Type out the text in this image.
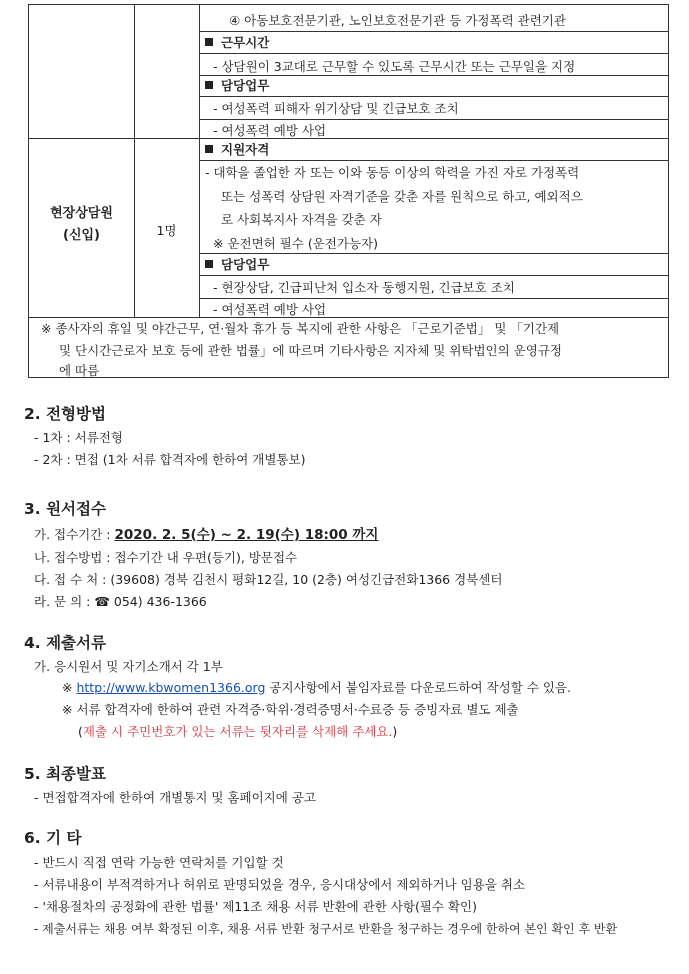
④ 아동보호전문기관, 노인보호전문기관 등 가정폭력 관련기관
근무시간
- 상담원이 3교대로 근무할 수 있도록 근무시간 또는 근무일을 지정
담당업무
- 여성폭력 피해자 위기상담 및 긴급보호 조치
- 여성폭력 예방 사업
현장상담원
(신입)	1명
지원자격
- 대학을 졸업한 자 또는 이와 동등 이상의 학력을 가진 자로 가정폭력
또는 성폭력 상담원 자격기준을 갖춘 자를 원칙으로 하고, 예외적으
로 사회복지사 자격을 갖춘 자
※ 운전면허 필수 (운전가능자)
담당업무
- 현장상담, 긴급피난처 입소자 동행지원, 긴급보호 조치
- 여성폭력 예방 사업
※ 종사자의 휴일 및 야간근무, 연·월차 휴가 등 복지에 관한 사항은 「근로기준법」 및 「기간제
및 단시간근로자 보호 등에 관한 법률」에 따르며 기타사항은 지자체 및 위탁법인의 운영규정
에 따름
2. 전형방법
- 1차 : 서류전형
- 2차 : 면접 (1차 서류 합격자에 한하여 개별통보)
3. 원서접수
가. 접수기간 : 2020. 2. 5(수) ~ 2. 19(수) 18:00 까지
나. 접수방법 : 접수기간 내 우편(등기), 방문접수
다. 접 수 처 : (39608) 경북 김천시 평화12길, 10 (2층) 여성긴급전화1366 경북센터
라. 문 의 : ☎ 054) 436-1366
4. 제출서류
가. 응시원서 및 자기소개서 각 1부
※ http://www.kbwomen1366.org 공지사항에서 붙임자료를 다운로드하여 작성할 수 있음.
※ 서류 합격자에 한하여 관련 자격증·학위·경력증명서·수료증 등 증빙자료 별도 제출
(제출 시 주민번호가 있는 서류는 뒷자리를 삭제해 주세요.)
5. 최종발표
- 면접합격자에 한하여 개별통지 및 홈페이지에 공고
6. 기 타
- 반드시 직접 연락 가능한 연락처를 기입할 것
- 서류내용이 부적격하거나 허위로 판명되었을 경우, 응시대상에서 제외하거나 임용을 취소
- '채용절차의 공정화에 관한 법률' 제11조 채용 서류 반환에 관한 사항(필수 확인)
- 제출서류는 채용 여부 확정된 이후, 채용 서류 반환 청구서로 반환을 청구하는 경우에 한하여 본인 확인 후 반환
